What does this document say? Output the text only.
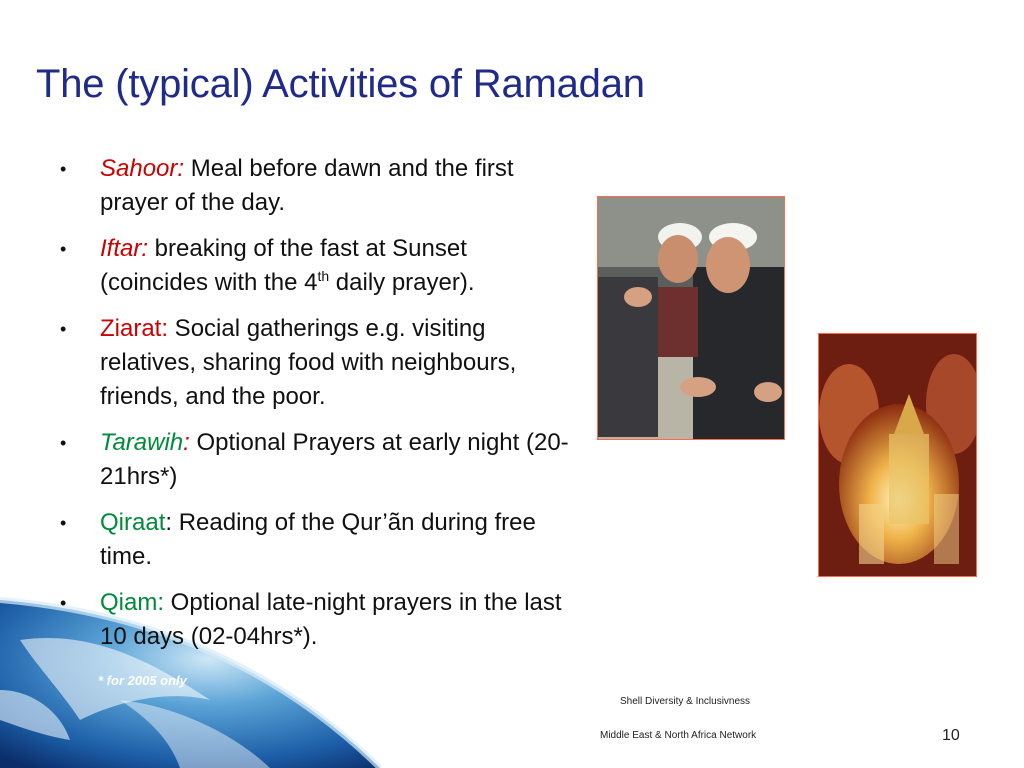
The (typical) Activities of Ramadan
• Sahoor: Meal before dawn and the first prayer of the day.
• Iftar: breaking of the fast at Sunset (coincides with the 4th daily prayer).
• Ziarat: Social gatherings e.g. visiting relatives, sharing food with neighbours, friends, and the poor.
• Tarawih: Optional Prayers at early night (20-21hrs*)
• Qiraat: Reading of the Qur’ãn during free time.
• Qiam: Optional late-night prayers in the last 10 days (02-04hrs*).
* for 2005 only
Shell Diversity & Inclusivness
Middle East & North Africa Network	10
